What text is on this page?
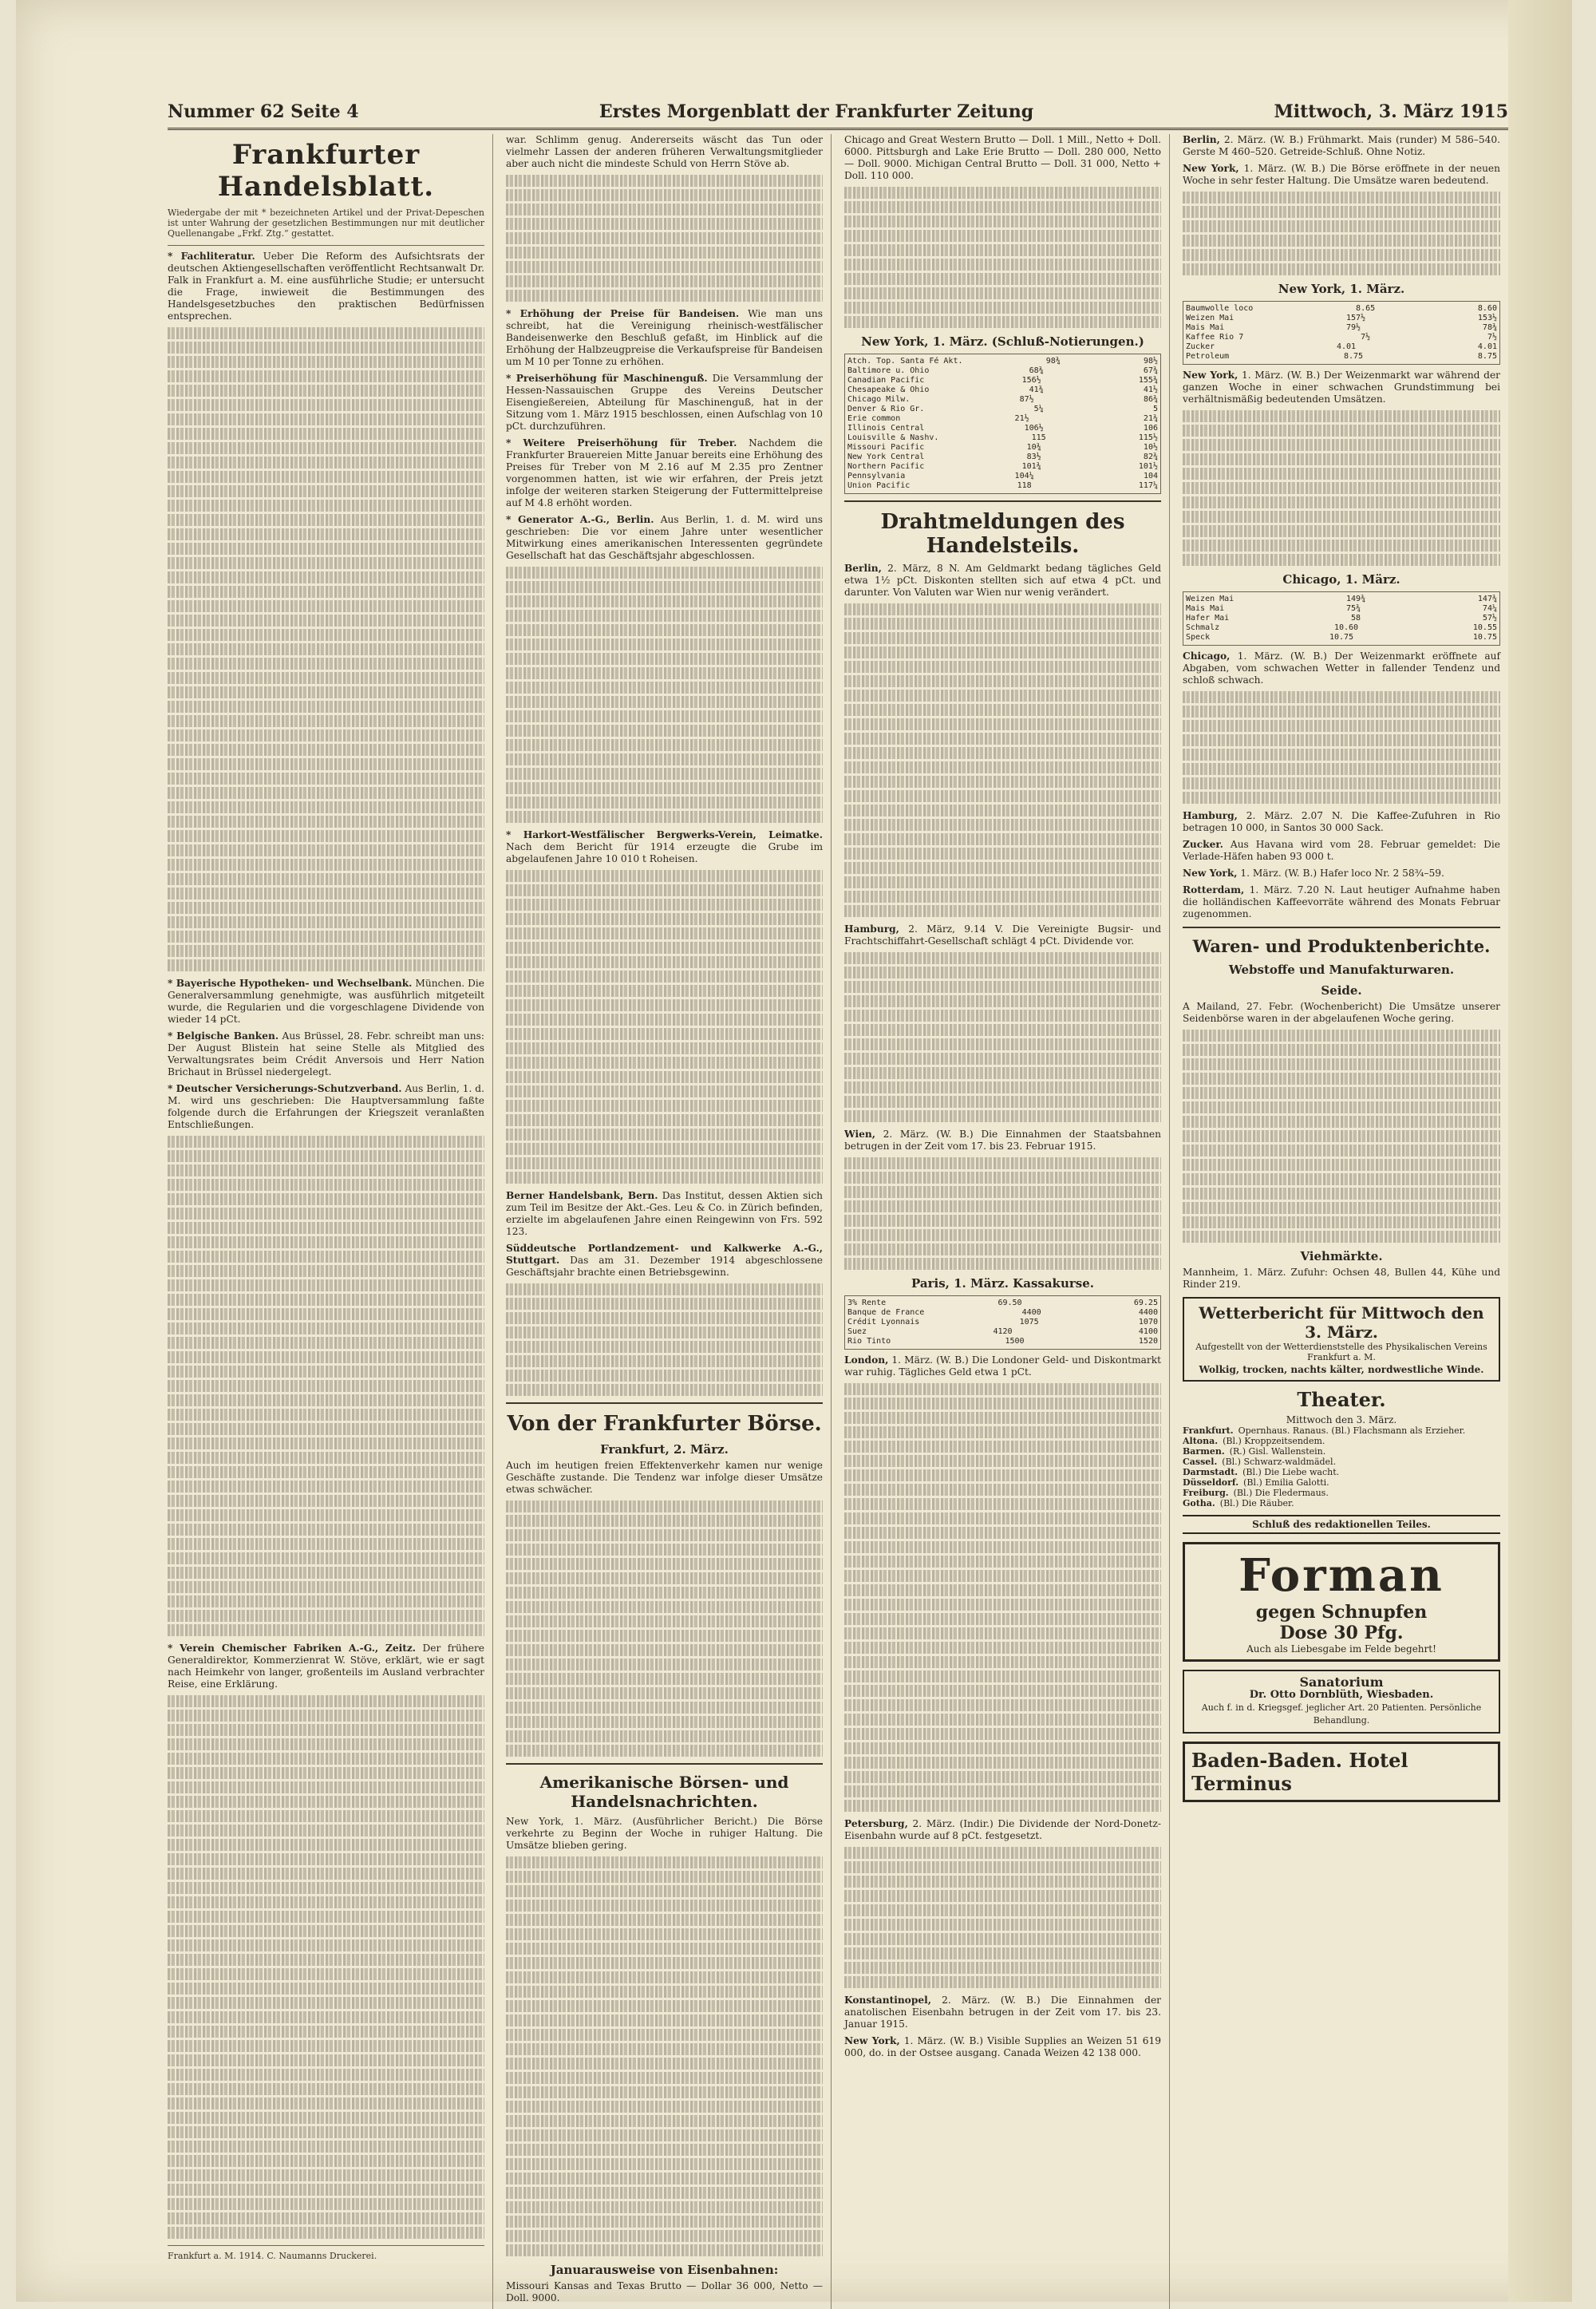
Nummer 62 Seite 4	Erstes Morgenblatt der Frankfurter Zeitung	Mittwoch, 3. März 1915
Frankfurter Handelsblatt.

Wiedergabe der mit * bezeichneten Artikel und der Privat-Depeschen ist unter Wahrung der gesetzlichen Bestimmungen nur mit deutlicher Quellenangabe „Frkf. Ztg.“ gestattet.

* Fachliteratur. Ueber Die Reform des Aufsichtsrats der deutschen Aktiengesellschaften veröffentlicht Rechtsanwalt Dr. Falk in Frankfurt a. M. eine ausführliche Studie; er untersucht die Frage, inwieweit die Bestimmungen des Handelsgesetzbuches den praktischen Bedürfnissen entsprechen.

* Bayerische Hypotheken- und Wechselbank. München. Die Generalversammlung genehmigte, was ausführlich mitgeteilt wurde, die Regularien und die vorgeschlagene Dividende von wieder 14 pCt.

* Belgische Banken. Aus Brüssel, 28. Febr. schreibt man uns: Der August Blistein hat seine Stelle als Mitglied des Verwaltungsrates beim Crédit Anversois und Herr Nation Brichaut in Brüssel niedergelegt.

* Deutscher Versicherungs-Schutzverband. Aus Berlin, 1. d. M. wird uns geschrieben: Die Hauptversammlung faßte folgende durch die Erfahrungen der Kriegszeit veranlaßten Entschließungen.

* Verein Chemischer Fabriken A.-G., Zeitz. Der frühere Generaldirektor, Kommerzienrat W. Stöve, erklärt, wie er sagt nach Heimkehr von langer, großenteils im Ausland verbrachter Reise, eine Erklärung.

Frankfurt a. M. 1914. C. Naumanns Druckerei.

war. Schlimm genug. Andererseits wäscht das Tun oder vielmehr Lassen der anderen früheren Verwaltungsmitglieder aber auch nicht die mindeste Schuld von Herrn Stöve ab.

* Erhöhung der Preise für Bandeisen. Wie man uns schreibt, hat die Vereinigung rheinisch-westfälischer Bandeisenwerke den Beschluß gefaßt, im Hinblick auf die Erhöhung der Halbzeugpreise die Verkaufspreise für Bandeisen um M 10 per Tonne zu erhöhen.

* Preiserhöhung für Maschinenguß. Die Versammlung der Hessen-Nassauischen Gruppe des Vereins Deutscher Eisengießereien, Abteilung für Maschinenguß, hat in der Sitzung vom 1. März 1915 beschlossen, einen Aufschlag von 10 pCt. durchzuführen.

* Weitere Preiserhöhung für Treber. Nachdem die Frankfurter Brauereien Mitte Januar bereits eine Erhöhung des Preises für Treber von M 2.16 auf M 2.35 pro Zentner vorgenommen hatten, ist wie wir erfahren, der Preis jetzt infolge der weiteren starken Steigerung der Futtermittelpreise auf M 4.8 erhöht worden.

* Generator A.-G., Berlin. Aus Berlin, 1. d. M. wird uns geschrieben: Die vor einem Jahre unter wesentlicher Mitwirkung eines amerikanischen Interessenten gegründete Gesellschaft hat das Geschäftsjahr abgeschlossen.

* Harkort-Westfälischer Bergwerks-Verein, Leimatke. Nach dem Bericht für 1914 erzeugte die Grube im abgelaufenen Jahre 10 010 t Roheisen.

Berner Handelsbank, Bern. Das Institut, dessen Aktien sich zum Teil im Besitze der Akt.-Ges. Leu & Co. in Zürich befinden, erzielte im abgelaufenen Jahre einen Reingewinn von Frs. 592 123.

Süddeutsche Portlandzement- und Kalkwerke A.-G., Stuttgart. Das am 31. Dezember 1914 abgeschlossene Geschäftsjahr brachte einen Betriebsgewinn.

Von der Frankfurter Börse.
Frankfurt, 2. März.

Auch im heutigen freien Effektenverkehr kamen nur wenige Geschäfte zustande. Die Tendenz war infolge dieser Umsätze etwas schwächer.

Amerikanische Börsen- und Handelsnachrichten.

New York, 1. März. (Ausführlicher Bericht.) Die Börse verkehrte zu Beginn der Woche in ruhiger Haltung. Die Umsätze blieben gering.

Januarausweise von Eisenbahnen:

Missouri Kansas and Texas Brutto — Dollar 36 000, Netto — Doll. 9000.

Chicago and Great Western Brutto — Doll. 1 Mill., Netto + Doll. 6000. Pittsburgh and Lake Erie Brutto — Doll. 280 000, Netto — Doll. 9000. Michigan Central Brutto — Doll. 31 000, Netto + Doll. 110 000.

New York, 1. März. (Schluß-Notierungen.)
Atch. Top. Santa Fé Akt.	98¾	98½
Baltimore u. Ohio	68¾	67¾
Canadian Pacific	156½	155¾
Chesapeake & Ohio	41¾	41½
Chicago Milw.	87½	86¾
Denver & Rio Gr.	5¼	5
Erie common	21½	21¾
Illinois Central	106½	106
Louisville & Nashv.	115	115½
Missouri Pacific	10¾	10½
New York Central	83½	82¾
Northern Pacific	101¾	101½
Pennsylvania	104¼	104
Union Pacific	118	117¼
Drahtmeldungen des Handelsteils.

Berlin, 2. März, 8 N. Am Geldmarkt bedang tägliches Geld etwa 1½ pCt. Diskonten stellten sich auf etwa 4 pCt. und darunter. Von Valuten war Wien nur wenig verändert.

Hamburg, 2. März, 9.14 V. Die Vereinigte Bugsir- und Frachtschiffahrt-Gesellschaft schlägt 4 pCt. Dividende vor.

Wien, 2. März. (W. B.) Die Einnahmen der Staatsbahnen betrugen in der Zeit vom 17. bis 23. Februar 1915.

Paris, 1. März. Kassakurse.
3% Rente	69.50	69.25
Banque de France	4400	4400
Crédit Lyonnais	1075	1070
Suez	4120	4100
Rio Tinto	1500	1520

London, 1. März. (W. B.) Die Londoner Geld- und Diskontmarkt war ruhig. Tägliches Geld etwa 1 pCt.

Petersburg, 2. März. (Indir.) Die Dividende der Nord-Donetz-Eisenbahn wurde auf 8 pCt. festgesetzt.

Konstantinopel, 2. März. (W. B.) Die Einnahmen der anatolischen Eisenbahn betrugen in der Zeit vom 17. bis 23. Januar 1915.

New York, 1. März. (W. B.) Visible Supplies an Weizen 51 619 000, do. in der Ostsee ausgang. Canada Weizen 42 138 000.

Berlin, 2. März. (W. B.) Frühmarkt. Mais (runder) M 586–540. Gerste M 460–520. Getreide-Schluß. Ohne Notiz.

New York, 1. März. (W. B.) Die Börse eröffnete in der neuen Woche in sehr fester Haltung. Die Umsätze waren bedeutend.

New York, 1. März.
Baumwolle loco	8.65	8.60
Weizen Mai	157½	153½
Mais Mai	79½	78¾
Kaffee Rio 7	7½	7½
Zucker	4.01	4.01
Petroleum	8.75	8.75

New York, 1. März. (W. B.) Der Weizenmarkt war während der ganzen Woche in einer schwachen Grundstimmung bei verhältnismäßig bedeutenden Umsätzen.

Chicago, 1. März.
Weizen Mai	149¾	147¾
Mais Mai	75¾	74¼
Hafer Mai	58	57½
Schmalz	10.60	10.55
Speck	10.75	10.75

Chicago, 1. März. (W. B.) Der Weizenmarkt eröffnete auf Abgaben, vom schwachen Wetter in fallender Tendenz und schloß schwach.

Hamburg, 2. März. 2.07 N. Die Kaffee-Zufuhren in Rio betragen 10 000, in Santos 30 000 Sack.

Zucker. Aus Havana wird vom 28. Februar gemeldet: Die Verlade-Häfen haben 93 000 t.

New York, 1. März. (W. B.) Hafer loco Nr. 2 58¾–59.

Rotterdam, 1. März. 7.20 N. Laut heutiger Aufnahme haben die holländischen Kaffeevorräte während des Monats Februar zugenommen.

Waren- und Produktenberichte.
Webstoffe und Manufakturwaren.
Seide.

A Mailand, 27. Febr. (Wochenbericht) Die Umsätze unserer Seidenbörse waren in der abgelaufenen Woche gering.

Viehmärkte.

Mannheim, 1. März. Zufuhr: Ochsen 48, Bullen 44, Kühe und Rinder 219.

Wetterbericht für Mittwoch den 3. März.
Aufgestellt von der Wetterdienststelle des Physikalischen Vereins Frankfurt a. M.
Wolkig, trocken, nachts kälter, nordwestliche Winde.
Theater.
Mittwoch den 3. März.
Frankfurt. Opernhaus. Ranaus. (Bl.) Flachsmann als Erzieher.
Altona. (Bl.) Kroppzeitsendem.
Barmen. (R.) Gisl. Wallenstein.
Cassel. (Bl.) Schwarz-waldmädel.
Darmstadt. (Bl.) Die Liebe wacht.
Düsseldorf. (Bl.) Emilia Galotti.
Freiburg. (Bl.) Die Fledermaus.
Gotha. (Bl.) Die Räuber.
Schluß des redaktionellen Teiles.
Forman
gegen Schnupfen
Dose 30 Pfg.
Auch als Liebesgabe im Felde begehrt!
Sanatorium
Dr. Otto Dornblüth, Wiesbaden.
Auch f. in d. Kriegsgef. jeglicher Art. 20 Patienten. Persönliche Behandlung.
Baden-Baden. Hotel Terminus
